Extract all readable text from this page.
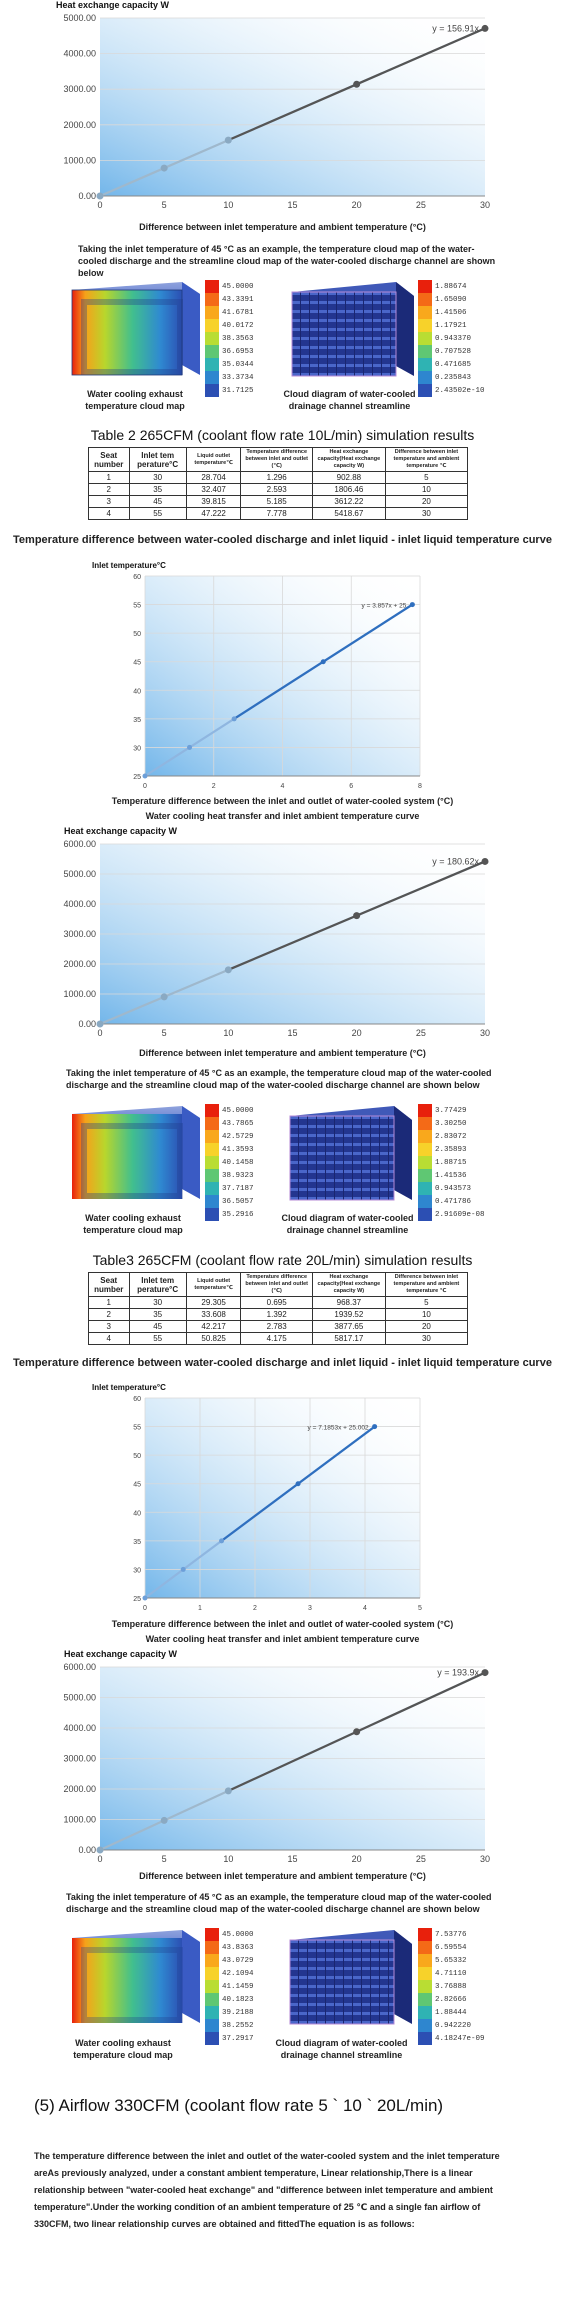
Heat exchange capacity W
0.00
1000.00
2000.00
3000.00
4000.00
5000.00
0	5	10	15	20	25	30
y = 156.91x
Difference between inlet temperature and ambient temperature (°C)
Taking the inlet temperature of 45 °C as an example, the temperature cloud map of the water-cooled discharge and the streamline cloud map of the water-cooled discharge channel are shown below
45.0000
43.3391
41.6781
40.0172
38.3563
36.6953
35.0344
33.3734
31.7125
1.88674
1.65090
1.41506
1.17921
0.943370
0.707528
0.471685
0.235843
2.43502e-10
Water cooling exhaust temperature cloud map
Cloud diagram of water-cooled drainage channel streamline
Table 2 265CFM (coolant flow rate 10L/min) simulation results
Seat number	Inlet tem perature°C	Liquid outlet temperature℃	Temperature difference between inlet and outlet (℃)	Heat exchange capacity(Heat exchange capacity W)	Difference between inlet temperature and ambient temperature ℃
1	30	28.704	1.296	902.88	5
2	35	32.407	2.593	1806.46	10
3	45	39.815	5.185	3612.22	20
4	55	47.222	7.778	5418.67	30
Temperature difference between water-cooled discharge and inlet liquid - inlet liquid temperature curve
Inlet temperature°C
25
30
35
40
45
50
55
60
0	2	4	6	8
y = 3.857x + 25
Temperature difference between the inlet and outlet of water-cooled system (°C)
Water cooling heat transfer and inlet ambient temperature curve
Heat exchange capacity W
0.00
1000.00
2000.00
3000.00
4000.00
5000.00
6000.00
0	5	10	15	20	25	30
y = 180.62x
Difference between inlet temperature and ambient temperature (°C)
Taking the inlet temperature of 45 °C as an example, the temperature cloud map of the water-cooled discharge and the streamline cloud map of the water-cooled discharge channel are shown below
45.0000
43.7865
42.5729
41.3593
40.1458
38.9323
37.7187
36.5057
35.2916
3.77429
3.30250
2.83072
2.35893
1.88715
1.41536
0.943573
0.471786
2.91609e-08
Water cooling exhaust temperature cloud map
Cloud diagram of water-cooled drainage channel streamline
Table3 265CFM (coolant flow rate 20L/min) simulation results
Seat number	Inlet tem perature°C	Liquid outlet temperature℃	Temperature difference between inlet and outlet (℃)	Heat exchange capacity(Heat exchange capacity W)	Difference between inlet temperature and ambient temperature ℃
1	30	29.305	0.695	968.37	5
2	35	33.608	1.392	1939.52	10
3	45	42.217	2.783	3877.65	20
4	55	50.825	4.175	5817.17	30
Temperature difference between water-cooled discharge and inlet liquid - inlet liquid temperature curve
Inlet temperature°C
25
30
35
40
45
50
55
60
0	1	2	3	4	5
y = 7.1853x + 25.002
Temperature difference between the inlet and outlet of water-cooled system (°C)
Water cooling heat transfer and inlet ambient temperature curve
Heat exchange capacity W
0.00
1000.00
2000.00
3000.00
4000.00
5000.00
6000.00
0	5	10	15	20	25	30
y = 193.9x
Difference between inlet temperature and ambient temperature (°C)
Taking the inlet temperature of 45 °C as an example, the temperature cloud map of the water-cooled discharge and the streamline cloud map of the water-cooled discharge channel are shown below
45.0000
43.8363
43.0729
42.1094
41.1459
40.1823
39.2188
38.2552
37.2917
7.53776
6.59554
5.65332
4.71110
3.76888
2.82666
1.88444
0.942220
4.18247e-09
Water cooling exhaust temperature cloud map
Cloud diagram of water-cooled drainage channel streamline
(5) Airflow 330CFM (coolant flow rate 5 ` 10 ` 20L/min)
The temperature difference between the inlet and outlet of the water-cooled system and the inlet temperature areAs previously analyzed, under a constant ambient temperature, Linear relationship,There is a linear relationship between "water-cooled heat exchange" and "difference between inlet temperature and ambient temperature".Under the working condition of an ambient temperature of 25 ℃ and a single fan airflow of 330CFM, two linear relationship curves are obtained and fittedThe equation is as follows:
